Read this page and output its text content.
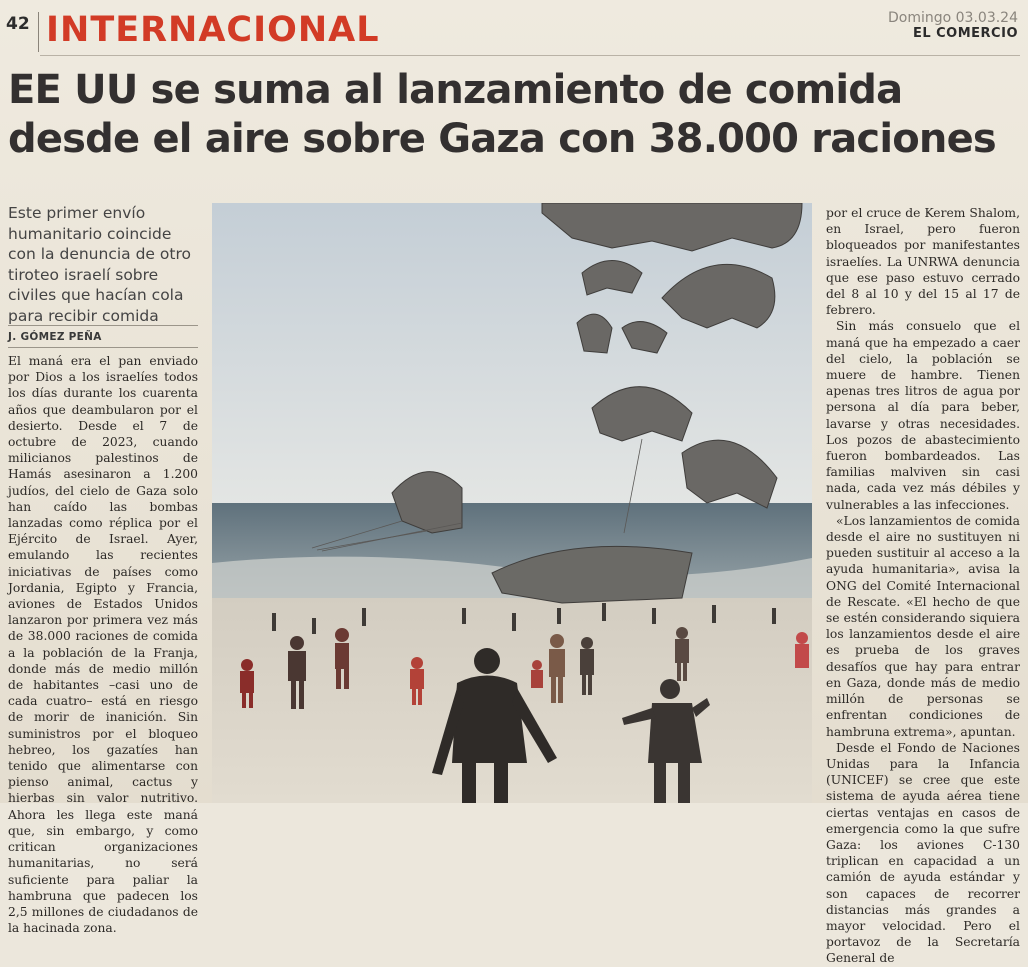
42 INTERNACIONAL	Domingo 03.03.24
EL COMERCIO
EE UU se suma al lanzamiento de comida desde el aire sobre Gaza con 38.000 raciones
Este primer envío humanitario coincide con la denuncia de otro tiroteo israelí sobre civiles que hacían cola para recibir comida
J. GÓMEZ PEÑA

El maná era el pan enviado por Dios a los israelíes todos los días durante los cuarenta años que deambularon por el desierto. Desde el 7 de octubre de 2023, cuando milicianos palestinos de Hamás asesinaron a 1.200 judíos, del cielo de Gaza solo han caído las bombas lanzadas como réplica por el Ejército de Israel. Ayer, emulando las recientes iniciativas de países como Jordania, Egipto y Francia, aviones de Estados Unidos lanzaron por primera vez más de 38.000 raciones de comida a la población de la Franja, donde más de medio millón de habitantes –casi uno de cada cuatro– está en riesgo de morir de inanición. Sin suministros por el bloqueo hebreo, los gazatíes han tenido que alimentarse con pienso animal, cactus y hierbas sin valor nutritivo. Ahora les llega este maná que, sin embargo, y como critican organizaciones humanitarias, no será suficiente para paliar la hambruna que padecen los 2,5 millones de ciudadanos de la hacinada zona.

por el cruce de Kerem Shalom, en Israel, pero fueron bloqueados por manifestantes israelíes. La UNRWA denuncia que ese paso estuvo cerrado del 8 al 10 y del 15 al 17 de febrero.

Sin más consuelo que el maná que ha empezado a caer del cielo, la población se muere de hambre. Tienen apenas tres litros de agua por persona al día para beber, lavarse y otras necesidades. Los pozos de abastecimiento fueron bombardeados. Las familias malviven sin casi nada, cada vez más débiles y vulnerables a las infecciones.

«Los lanzamientos de comida desde el aire no sustituyen ni pueden sustituir al acceso a la ayuda humanitaria», avisa la ONG del Comité Internacional de Rescate. «El hecho de que se estén considerando siquiera los lanzamientos desde el aire es prueba de los graves desafíos que hay para entrar en Gaza, donde más de medio millón de personas se enfrentan condiciones de hambruna extrema», apuntan.

Desde el Fondo de Naciones Unidas para la Infancia (UNICEF) se cree que este sistema de ayuda aérea tiene ciertas ventajas en casos de emergencia como la que sufre Gaza: los aviones C-130 triplican en capacidad a un camión de ayuda estándar y son capaces de recorrer distancias más grandes a mayor velocidad. Pero el portavoz de la Secretaría General de
